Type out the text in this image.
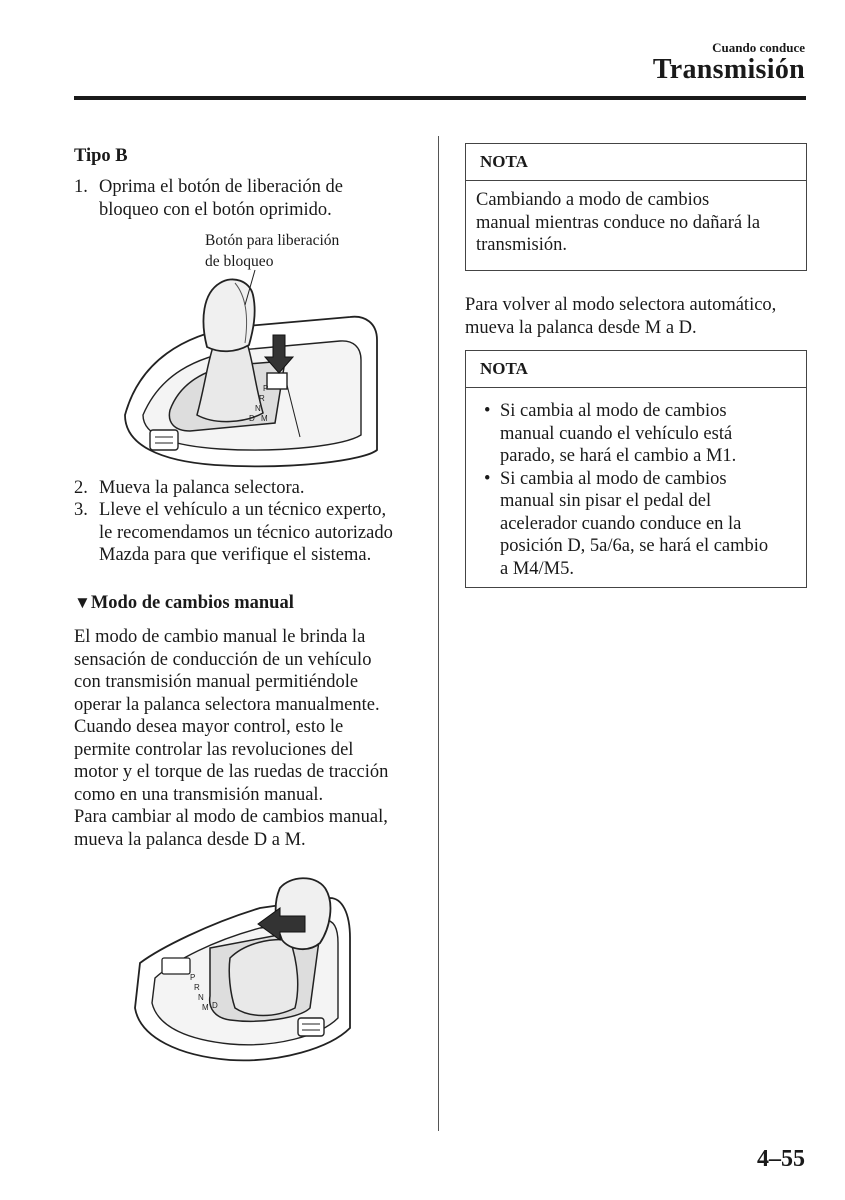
Cuando conduce
Transmisión
Tipo B
1. Oprima el botón de liberación de
bloqueo con el botón oprimido.
Botón para liberación
de bloqueo
P
R
N
D M
2. Mueva la palanca selectora.
3. Lleve el vehículo a un técnico experto,
le recomendamos un técnico autorizado
Mazda para que verifique el sistema.
▼Modo de cambios manual
El modo de cambio manual le brinda la
sensación de conducción de un vehículo
con transmisión manual permitiéndole
operar la palanca selectora manualmente.
Cuando desea mayor control, esto le
permite controlar las revoluciones del
motor y el torque de las ruedas de tracción
como en una transmisión manual.
Para cambiar al modo de cambios manual,
mueva la palanca desde D a M.
P
R
N
M D
NOTA
Cambiando a modo de cambios
manual mientras conduce no dañará la
transmisión.
Para volver al modo selectora automático,
mueva la palanca desde M a D.
NOTA
• Si cambia al modo de cambios
manual cuando el vehículo está
parado, se hará el cambio a M1.
• Si cambia al modo de cambios
manual sin pisar el pedal del
acelerador cuando conduce en la
posición D, 5a/6a, se hará el cambio
a M4/M5.
4–55
